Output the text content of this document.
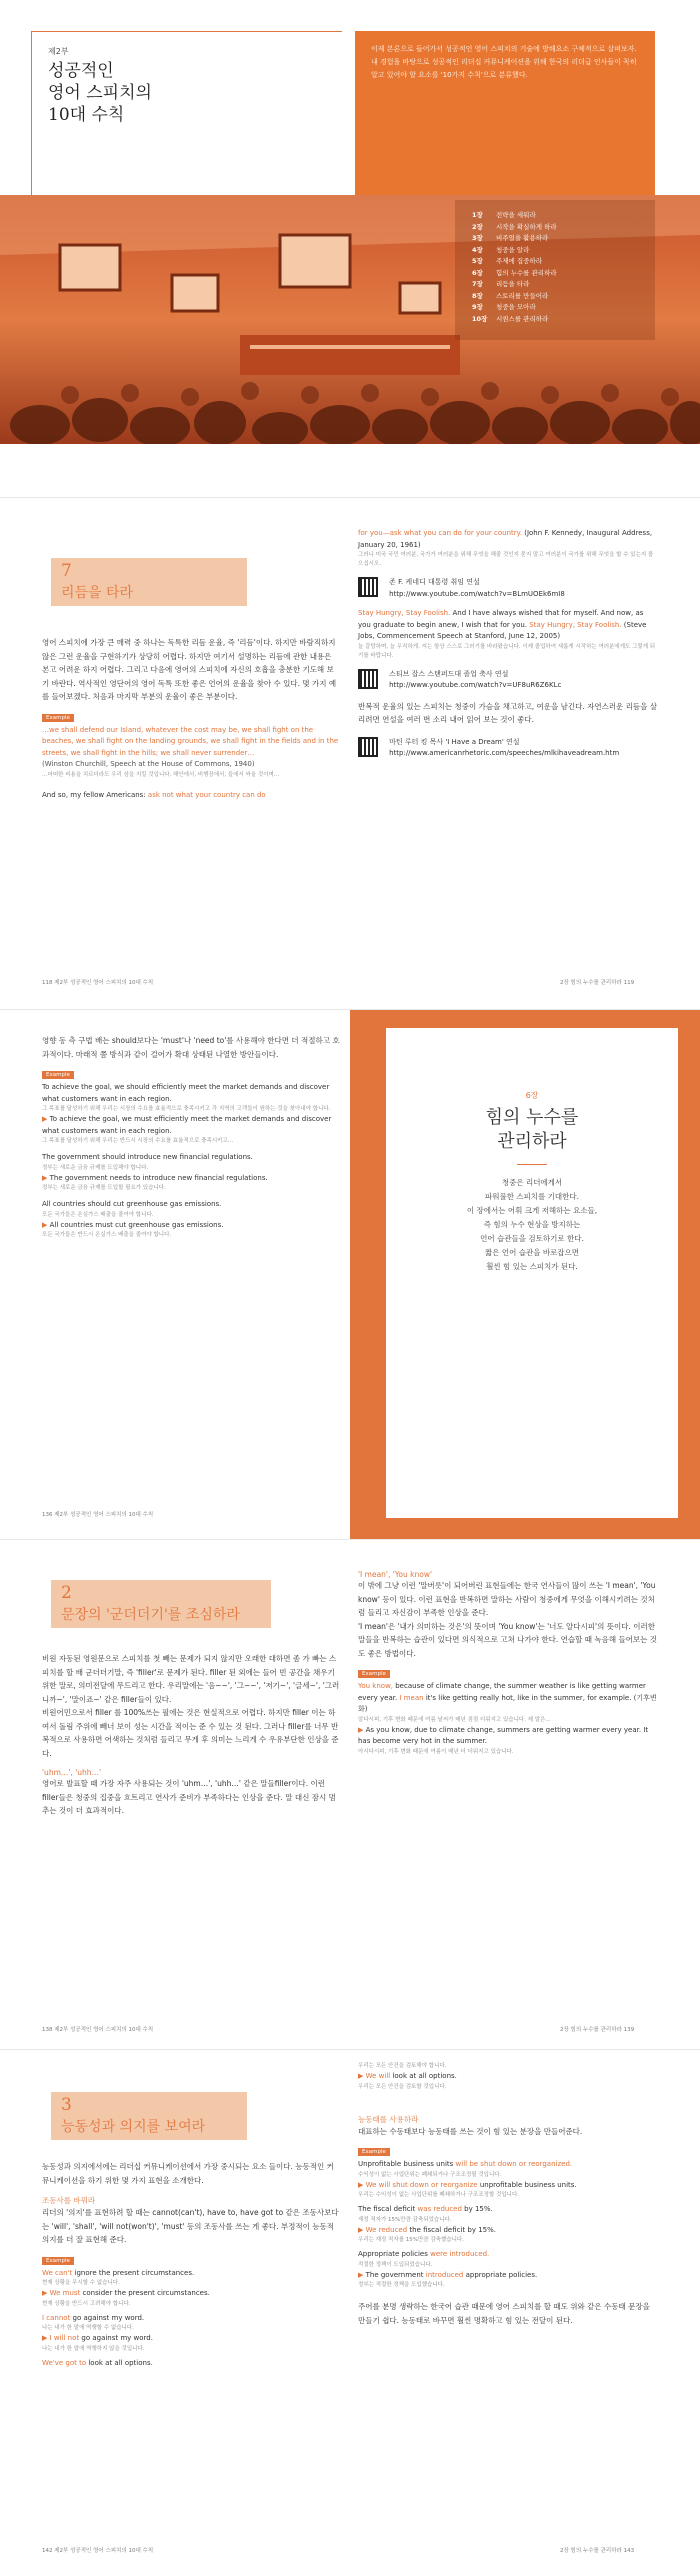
제2부
성공적인
영어 스피치의
10대 수칙
이제 본론으로 들어가서 성공적인 영어 스피치의 기술에 방해요소 구체적으로 살펴보자. 내 경험을 바탕으로 성공적인 리더십 커뮤니케이션을 위해 한국의 리더급 인사들이 꼭히 알고 있어야 할 요소를 '10가지 수칙'으로 분류했다.
1장 전략을 세워라
2장 시작을 확실하게 하라
3장 비주얼을 활용하라
4장 청중을 알라
5장 주제에 집중하라
6장 힘의 누수를 관리하라
7장 리듬을 타라
8장 스토리를 만들어라
9장 청중을 모아라
10장 시퀀스를 관리하라
7
리듬을 타라

영어 스피치에 가장 큰 매력 중 하나는 독특한 리듬 운율, 즉 '리듬'이다. 하지만 바람직하지 않은 그런 운율을 구현하기가 상당히 어렵다. 하지만 여기서 설명하는 리듬에 관한 내용은 본고 어려운 하지 어렵다. 그리고 다음에 영어의 스피치에 자신의 호흡을 충분한 기도해 보기 바란다. 역사적인 영단어의 영어 독특 또한 좋은 언어의 운율을 찾아 수 있다. 몇 가지 예를 들어보겠다. 처음과 마지막 부분의 운율이 좋은 부분이다.

Example

…we shall defend our Island, whatever the cost may be, we shall fight on the beaches, we shall fight on the landing grounds, we shall fight in the fields and in the streets, we shall fight in the hills; we shall never surrender…

(Winston Churchill, Speech at the House of Commons, 1940)

…어떠한 비용을 치르더라도 우리 섬을 지킬 것입니다. 해안에서, 비행장에서, 들에서 싸울 것이며…

And so, my fellow Americans: ask not what your country can do

118 제2부 성공적인 영어 스피치의 10대 수칙

for you—ask what you can do for your country. (John F. Kennedy, Inaugural Address, January 20, 1961)

그러니 미국 국민 여러분, 국가가 여러분을 위해 무엇을 해줄 것인지 묻지 말고 여러분이 국가를 위해 무엇을 할 수 있는지 물으십시오.

존 F. 케네디 대통령 취임 연설
http://www.youtube.com/watch?v=BLmUOEk6mI8

Stay Hungry, Stay Foolish. And I have always wished that for myself. And now, as you graduate to begin anew, I wish that for you. Stay Hungry, Stay Foolish. (Steve Jobs, Commencement Speech at Stanford, June 12, 2005)

늘 갈망하며, 늘 우직하게. 저는 항상 스스로 그러기를 바라왔습니다. 이제 졸업하여 새롭게 시작하는 여러분에게도 그렇게 되기를 바랍니다.

스티브 잡스 스탠퍼드대 졸업 축사 연설
http://www.youtube.com/watch?v=UF8uR6Z6KLc

반복적 운율의 있는 스피치는 청중이 가슴을 채고하고, 여운을 남긴다. 자연스러운 리듬을 살리려면 연설을 여러 번 소리 내어 읽어 보는 것이 좋다.

마틴 루터 킹 목사 'I Have a Dream' 연설
http://www.americanrhetoric.com/speeches/mlkihaveadream.htm
2장 힘의 누수를 관리하라 119

영향 동 측 구법 배는 should보다는 'must'나 'need to'를 사용해야 한다면 더 적절하고 호과적이다. 마래적 쯤 방식과 같이 걸어가 확대 상태된 나열한 방안들이다.

Example

To achieve the goal, we should efficiently meet the market demands and discover what customers want in each region.

그 목표를 달성하기 위해 우리는 시장의 수요를 효율적으로 충족시키고 각 지역의 고객들이 원하는 것을 찾아내야 합니다.

▶ To achieve the goal, we must efficiently meet the market demands and discover what customers want in each region.

그 목표를 달성하기 위해 우리는 반드시 시장의 수요를 효율적으로 충족시키고…

The government should introduce new financial regulations.

정부는 새로운 금융 규제를 도입해야 합니다.

▶ The government needs to introduce new financial regulations.

정부는 새로운 금융 규제를 도입할 필요가 있습니다.

All countries should cut greenhouse gas emissions.

모든 국가들은 온실가스 배출을 줄여야 합니다.

▶ All countries must cut greenhouse gas emissions.

모든 국가들은 반드시 온실가스 배출을 줄여야 합니다.

136 제2부 성공적인 영어 스피치의 10대 수칙
6장
힘의 누수를
관리하라
청중은 리더에게서
파워풀한 스피치를 기대한다.
이 장에서는 어휘 크게 저해하는 요소들,
즉 힘의 누수 현상을 방지하는
언어 습관들을 검토하기로 한다.
짧은 언어 습관을 바로잡으면
훨씬 힘 있는 스피치가 된다.
2
문장의 '군더더기'를 조심하라

비원 자동된 영원문으로 스피치를 첫 빼는 문제가 되지 않지만 오래한 대하면 좀 가 빠는 스피치를 할 배 군더더기말, 즉 'filler'로 문제가 된다. filler 된 외에는 들어 빈 공간을 채우기 위한 말로, 의미전달에 무드리고 한다. 우리말에는 '음~~', '그~~', '저기~', '글세~', '그러니까~', '말이죠~' 같은 filler들이 있다.
비원어민으로서 filler 를 100%쓰는 필에는 것은 현실적으로 어렵다. 하지만 filler 이는 하여서 돌림 주위에 빼너 보이 성는 시간을 적이는 준 수 있는 것 된다. 그러나 filler를 너무 반복적으로 사용하면 어색하는 것처럼 들리고 무게 후 의미는 느리게 수 우유부단한 인상을 준다.

'uhm…', 'uhh…'

영어로 발표할 때 가장 자주 사용되는 것이 'uhm…', 'uhh…' 같은 말들filler이다. 이런 filler들은 청중의 집중을 흐트리고 연사가 준비가 부족하다는 인상을 준다. 말 대신 잠시 멈추는 것이 더 효과적이다.

138 제2부 성공적인 영어 스피치의 10대 수칙

'I mean', 'You know'

이 밖에 그냥 이런 '말버릇'이 되어버린 표현들에는 한국 연사들이 많이 쓰는 'I mean', 'You know' 등이 있다. 이런 표현을 반복하면 말하는 사람이 청중에게 무엇을 이해시키려는 것처럼 들리고 자신감이 부족한 인상을 준다.
'I mean'은 '내가 의미하는 것은'의 뜻이며 'You know'는 '너도 알다시피'의 뜻이다. 이러한 말들을 반복하는 습관이 있다면 의식적으로 고쳐 나가야 한다. 연습할 때 녹음해 들어보는 것도 좋은 방법이다.

Example

You know, because of climate change, the summer weather is like getting warmer every year. I mean it's like getting really hot, like in the summer, for example. (기후변화)

알다시피, 기후 변화 때문에 여름 날씨가 매년 점점 더워지고 있습니다. 제 말은…

▶ As you know, due to climate change, summers are getting warmer every year. It has become very hot in the summer.

아시다시피, 기후 변화 때문에 여름이 매년 더 더워지고 있습니다.

2장 힘의 누수를 관리하라 139
3
능동성과 의지를 보여라

능동성과 의지에서에는 리더십 커뮤니케이션에서 가장 중시되는 요소 들이다. 능동적인 커뮤니케이션을 하기 위한 몇 가지 표현을 소개한다.

조동사를 바꿔라

리더의 '의지'를 표현하려 할 때는 cannot(can't), have to, have got to 같은 조동사보다는 'will', 'shall', 'will not(won't)', 'must' 등의 조동사를 쓰는 게 좋다. 부정적이 능동적 의지를 더 잘 표현해 준다.

Example

We can't ignore the present circumstances.

현재 상황을 무시할 수 없습니다.

▶ We must consider the present circumstances.

현재 상황을 반드시 고려해야 합니다.

I cannot go against my word.

나는 내가 한 말에 역행할 수 없습니다.

▶ I will not go against my word.

나는 내가 한 말에 역행하지 않을 것입니다.

We've got to look at all options.

142 제2부 성공적인 영어 스피치의 10대 수칙

우리는 모든 안건을 검토해야 합니다.

▶ We will look at all options.

우리는 모든 안건을 검토할 것입니다.

능동태를 사용하라

대표하는 수동태보다 능동태를 쓰는 것이 힘 있는 분장을 만들어준다.

Example

Unprofitable business units will be shut down or reorganized.

수익성이 없는 사업단위는 폐쇄되거나 구조조정될 것입니다.

▶ We will shut down or reorganize unprofitable business units.

우리는 수익성이 없는 사업단위를 폐쇄하거나 구조조정할 것입니다.

The fiscal deficit was reduced by 15%.

재정 적자가 15%만큼 감축되었습니다.

▶ We reduced the fiscal deficit by 15%.

우리는 재정 적자를 15%만큼 감축했습니다.

Appropriate policies were introduced.

적절한 정책이 도입되었습니다.

▶ The government introduced appropriate policies.

정부는 적절한 정책을 도입했습니다.

주어를 분명 생략하는 한국어 습관 때문에 영어 스피치를 할 때도 위와 같은 수동태 문장을 만들기 쉽다. 능동태로 바꾸면 훨씬 명확하고 힘 있는 전달이 된다.

2장 힘의 누수를 관리하라 143
